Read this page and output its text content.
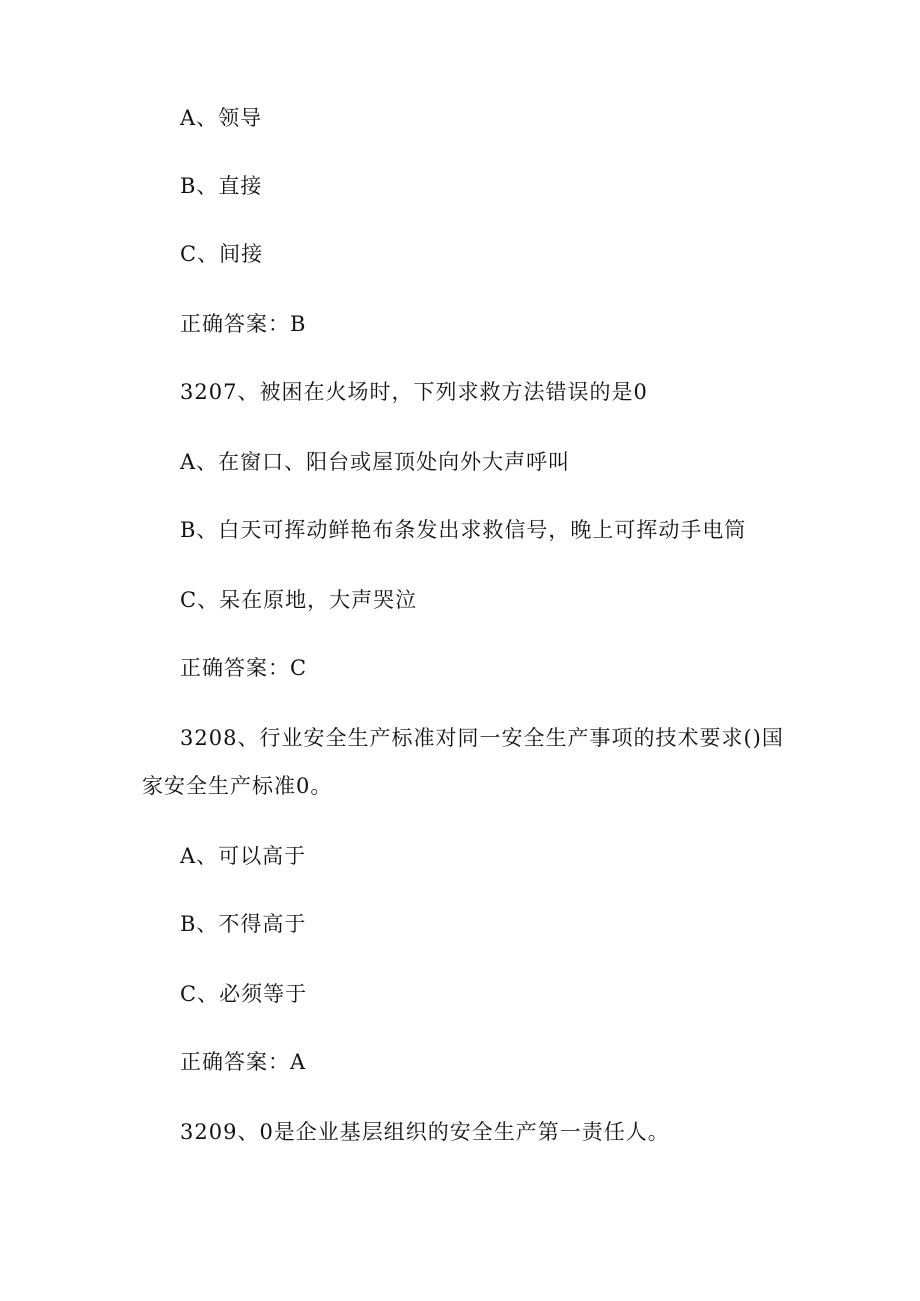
A、领导
B、直接
C、间接
正确答案：B
3207、被困在火场时，下列求救方法错误的是0
A、在窗口、阳台或屋顶处向外大声呼叫
B、白天可挥动鲜艳布条发出求救信号，晚上可挥动手电筒
C、呆在原地，大声哭泣
正确答案：C
3208、行业安全生产标准对同一安全生产事项的技术要求()国
家安全生产标准0。
A、可以高于
B、不得高于
C、必须等于
正确答案：A
3209、0是企业基层组织的安全生产第一责任人。
